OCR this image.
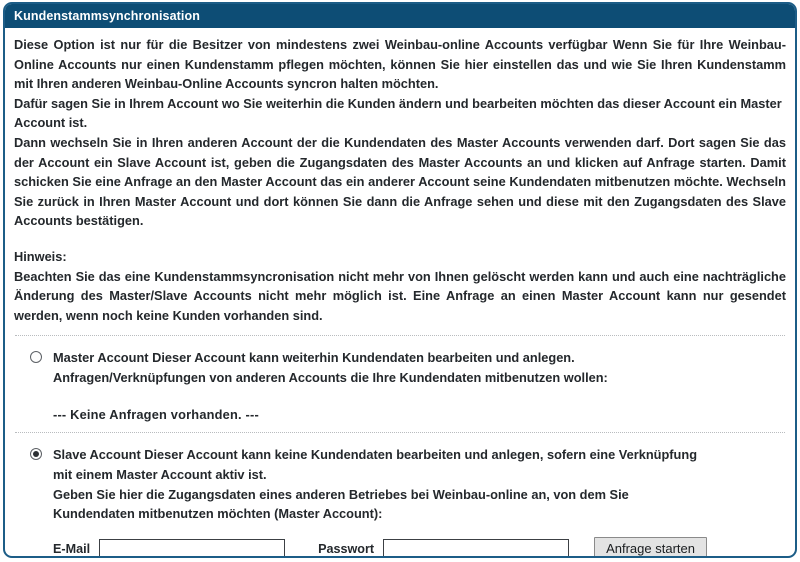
Kundenstammsynchronisation

Diese Option ist nur für die Besitzer von mindestens zwei Weinbau-online Accounts verfügbar Wenn Sie für Ihre Weinbau-Online Accounts nur einen Kundenstamm pflegen möchten, können Sie hier einstellen das und wie Sie Ihren Kundenstamm mit Ihren anderen Weinbau-Online Accounts syncron halten möchten.

Dafür sagen Sie in Ihrem Account wo Sie weiterhin die Kunden ändern und bearbeiten möchten das dieser Account ein Master Account ist.

Dann wechseln Sie in Ihren anderen Account der die Kundendaten des Master Accounts verwenden darf. Dort sagen Sie das der Account ein Slave Account ist, geben die Zugangsdaten des Master Accounts an und klicken auf Anfrage starten. Damit schicken Sie eine Anfrage an den Master Account das ein anderer Account seine Kundendaten mitbenutzen möchte. Wechseln Sie zurück in Ihren Master Account und dort können Sie dann die Anfrage sehen und diese mit den Zugangsdaten des Slave Accounts bestätigen.

Hinweis:

Beachten Sie das eine Kundenstammsyncronisation nicht mehr von Ihnen gelöscht werden kann und auch eine nachträgliche Änderung des Master/Slave Accounts nicht mehr möglich ist. Eine Anfrage an einen Master Account kann nur gesendet werden, wenn noch keine Kunden vorhanden sind.

Master Account Dieser Account kann weiterhin Kundendaten bearbeiten und anlegen.
Anfragen/Verknüpfungen von anderen Accounts die Ihre Kundendaten mitbenutzen wollen:
--- Keine Anfragen vorhanden. ---
Slave Account Dieser Account kann keine Kundendaten bearbeiten und anlegen, sofern eine Verknüpfung
mit einem Master Account aktiv ist.
Geben Sie hier die Zugangsdaten eines anderen Betriebes bei Weinbau-online an, von dem Sie
Kundendaten mitbenutzen möchten (Master Account):
E-Mail	Passwort	Anfrage starten
